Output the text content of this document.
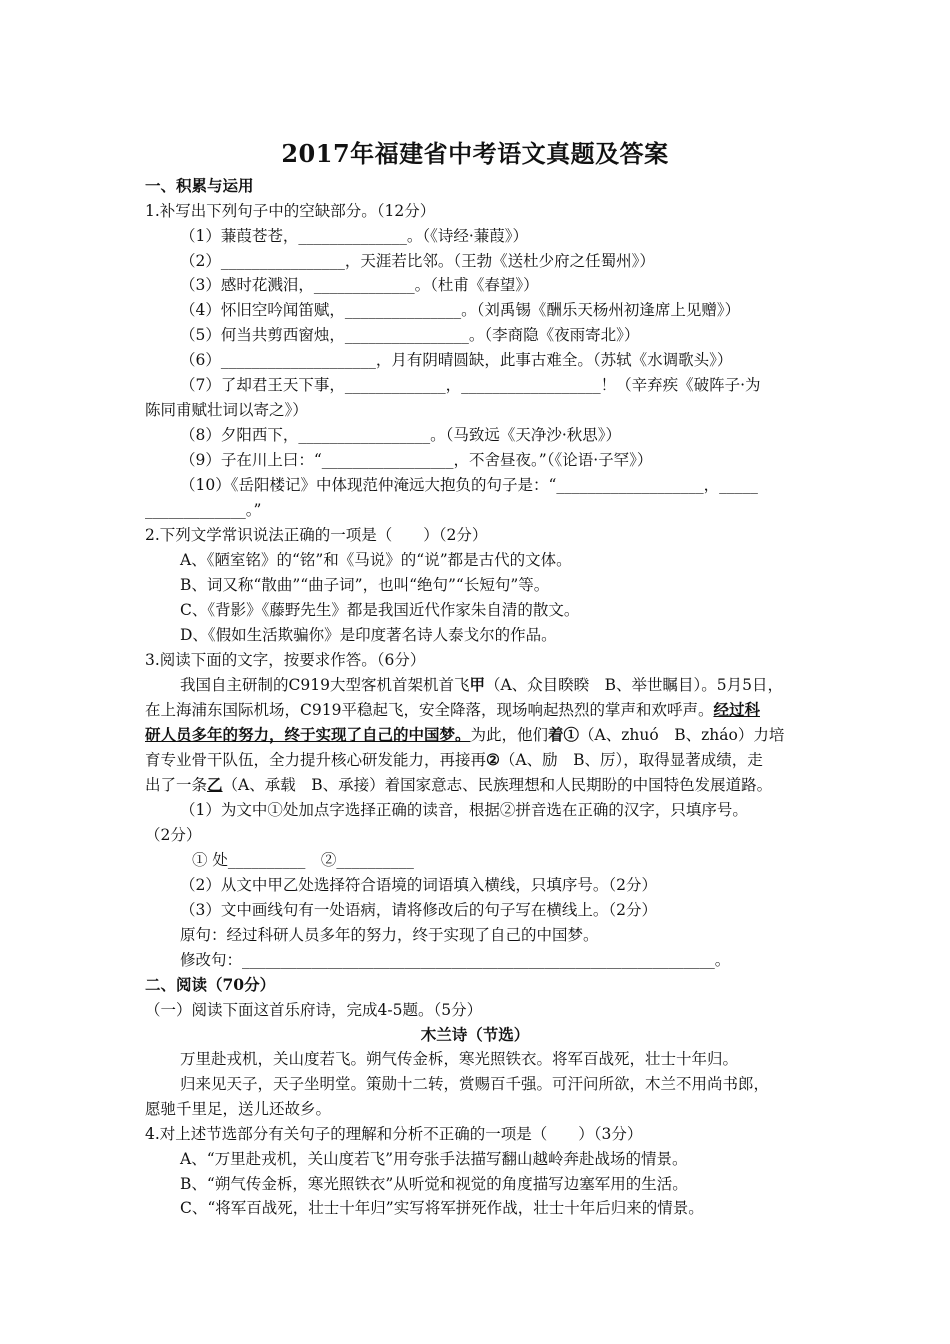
2017年福建省中考语文真题及答案
一、积累与运用
1.补写出下列句子中的空缺部分。（12分）
（1）蒹葭苍苍，______________。（《诗经·蒹葭》）
（2）________________，天涯若比邻。（王勃《送杜少府之任蜀州》）
（3）感时花溅泪，_____________。（杜甫《春望》）
（4）怀旧空吟闻笛赋，_______________。（刘禹锡《酬乐天杨州初逢席上见赠》）
（5）何当共剪西窗烛，________________。（李商隐《夜雨寄北》）
（6）____________________，月有阴晴圆缺，此事古难全。（苏轼《水调歌头》）
（7）了却君王天下事，_____________，__________________！（辛弃疾《破阵子·为
陈同甫赋壮词以寄之》）
（8）夕阳西下，_________________。（马致远《天净沙·秋思》）
（9）子在川上曰：“_________________，不舍昼夜。”（《论语·子罕》）
（10）《岳阳楼记》中体现范仲淹远大抱负的句子是：“___________________，_____
_____________。”
2.下列文学常识说法正确的一项是（　　）（2分）
A、《陋室铭》的“铭”和《马说》的“说”都是古代的文体。
B、词又称“散曲”“曲子词”，也叫“绝句”“长短句”等。
C、《背影》《藤野先生》都是我国近代作家朱自清的散文。
D、《假如生活欺骗你》是印度著名诗人泰戈尔的作品。
3.阅读下面的文字，按要求作答。（6分）
我国自主研制的C919大型客机首架机首飞甲（A、众目睽睽　B、举世瞩目）。5月5日，
在上海浦东国际机场，C919平稳起飞，安全降落，现场响起热烈的掌声和欢呼声。经过科
研人员多年的努力，终于实现了自己的中国梦。为此，他们着①（A、zhuó　B、zháo）力培
育专业骨干队伍，全力提升核心研发能力，再接再②（A、励　B、厉），取得显著成绩，走
出了一条乙（A、承载　B、承接）着国家意志、民族理想和人民期盼的中国特色发展道路。
（1）为文中①处加点字选择正确的读音，根据②拼音选在正确的汉字，只填序号。
（2分）
① 处__________　②__________
（2）从文中甲乙处选择符合语境的词语填入横线，只填序号。（2分）
（3）文中画线句有一处语病，请将修改后的句子写在横线上。（2分）
原句：经过科研人员多年的努力，终于实现了自己的中国梦。
修改句：_____________________________________________________________。
二、阅读（70分）
（一）阅读下面这首乐府诗，完成4-5题。（5分）
木兰诗（节选）
万里赴戎机，关山度若飞。朔气传金柝，寒光照铁衣。将军百战死，壮士十年归。
归来见天子，天子坐明堂。策勋十二转，赏赐百千强。可汗问所欲，木兰不用尚书郎，
愿驰千里足，送儿还故乡。
4.对上述节选部分有关句子的理解和分析不正确的一项是（　　）（3分）
A、“万里赴戎机，关山度若飞”用夸张手法描写翻山越岭奔赴战场的情景。
B、“朔气传金柝，寒光照铁衣”从听觉和视觉的角度描写边塞军用的生活。
C、“将军百战死，壮士十年归”实写将军拼死作战，壮士十年后归来的情景。
